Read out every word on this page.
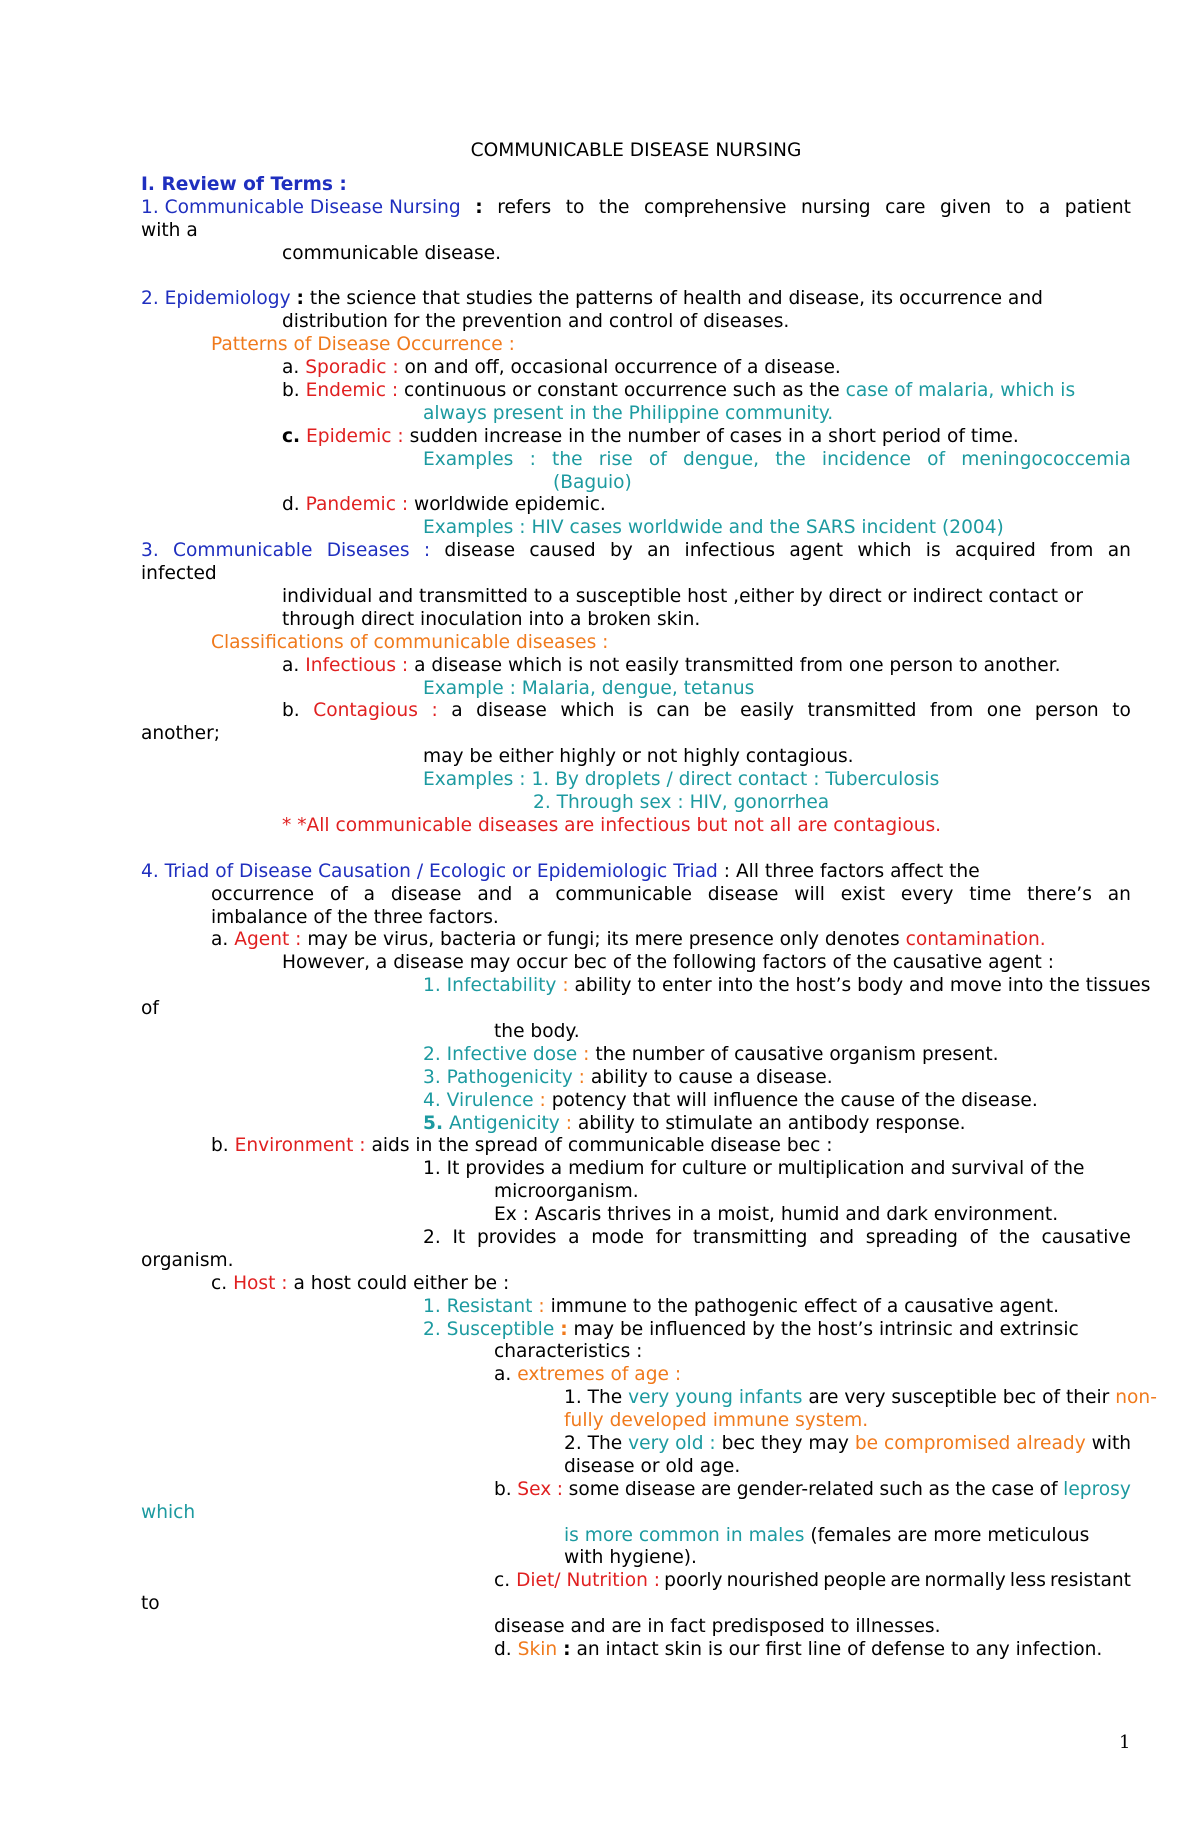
COMMUNICABLE DISEASE NURSING
I. Review of Terms :
1. Communicable Disease Nursing : refers to the comprehensive nursing care given to a patient
with a
communicable disease.
2. Epidemiology : the science that studies the patterns of health and disease, its occurrence and
distribution for the prevention and control of diseases.
Patterns of Disease Occurrence :
a. Sporadic : on and off, occasional occurrence of a disease.
b. Endemic : continuous or constant occurrence such as the case of malaria, which is
always present in the Philippine community.
c. Epidemic : sudden increase in the number of cases in a short period of time.
Examples : the rise of dengue, the incidence of meningococcemia
(Baguio)
d. Pandemic : worldwide epidemic.
Examples : HIV cases worldwide and the SARS incident (2004)
3. Communicable Diseases : disease caused by an infectious agent which is acquired from an
infected
individual and transmitted to a susceptible host ,either by direct or indirect contact or
through direct inoculation into a broken skin.
Classifications of communicable diseases :
a. Infectious : a disease which is not easily transmitted from one person to another.
Example : Malaria, dengue, tetanus
b. Contagious : a disease which is can be easily transmitted from one person to
another;
may be either highly or not highly contagious.
Examples : 1. By droplets / direct contact : Tuberculosis
2. Through sex : HIV, gonorrhea
* *All communicable diseases are infectious but not all are contagious.
4. Triad of Disease Causation / Ecologic or Epidemiologic Triad : All three factors affect the
occurrence of a disease and a communicable disease will exist every time there’s an
imbalance of the three factors.
a. Agent : may be virus, bacteria or fungi; its mere presence only denotes contamination.
However, a disease may occur bec of the following factors of the causative agent :
1. Infectability : ability to enter into the host’s body and move into the tissues
of
the body.
2. Infective dose : the number of causative organism present.
3. Pathogenicity : ability to cause a disease.
4. Virulence : potency that will influence the cause of the disease.
5. Antigenicity : ability to stimulate an antibody response.
b. Environment : aids in the spread of communicable disease bec :
1. It provides a medium for culture or multiplication and survival of the
microorganism.
Ex : Ascaris thrives in a moist, humid and dark environment.
2. It provides a mode for transmitting and spreading of the causative
organism.
c. Host : a host could either be :
1. Resistant : immune to the pathogenic effect of a causative agent.
2. Susceptible : may be influenced by the host’s intrinsic and extrinsic
characteristics :
a. extremes of age :
1. The very young infants are very susceptible bec of their non-
fully developed immune system.
2. The very old : bec they may be compromised already with
disease or old age.
b. Sex : some disease are gender-related such as the case of leprosy
which
is more common in males (females are more meticulous
with hygiene).
c. Diet/ Nutrition : poorly nourished people are normally less resistant
to
disease and are in fact predisposed to illnesses.
d. Skin : an intact skin is our first line of defense to any infection.
1
